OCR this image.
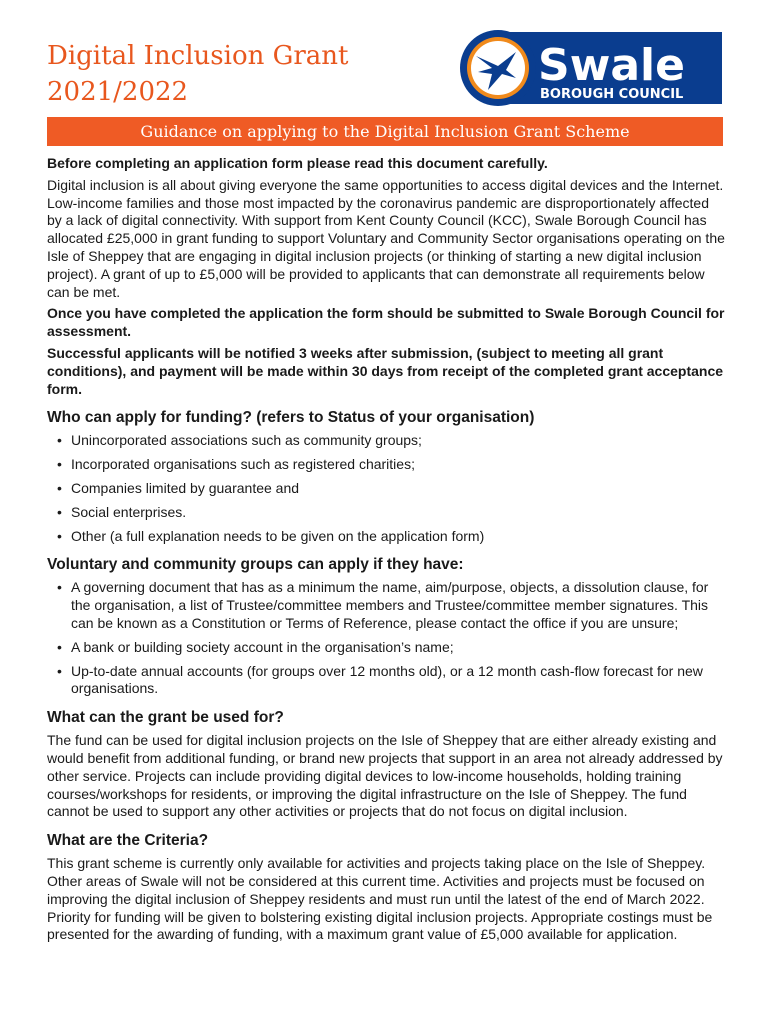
Digital Inclusion Grant
2021/2022
Swale
BOROUGH COUNCIL
Guidance on applying to the Digital Inclusion Grant Scheme

Before completing an application form please read this document carefully.

Digital inclusion is all about giving everyone the same opportunities to access digital devices and the Internet. Low-income families and those most impacted by the coronavirus pandemic are disproportionately affected by a lack of digital connectivity. With support from Kent County Council (KCC), Swale Borough Council has allocated £25,000 in grant funding to support Voluntary and Community Sector organisations operating on the Isle of Sheppey that are engaging in digital inclusion projects (or thinking of starting a new digital inclusion project). A grant of up to £5,000 will be provided to applicants that can demonstrate all requirements below can be met.

Once you have completed the application the form should be submitted to Swale Borough Council for assessment.

Successful applicants will be notified 3 weeks after submission, (subject to meeting all grant conditions), and payment will be made within 30 days from receipt of the completed grant acceptance form.

Who can apply for funding? (refers to Status of your organisation)
• Unincorporated associations such as community groups;
• Incorporated organisations such as registered charities;
• Companies limited by guarantee and
• Social enterprises.
• Other (a full explanation needs to be given on the application form)
Voluntary and community groups can apply if they have:
• A governing document that has as a minimum the name, aim/purpose, objects, a dissolution clause, for the organisation, a list of Trustee/committee members and Trustee/committee member signatures. This can be known as a Constitution or Terms of Reference, please contact the office if you are unsure;
• A bank or building society account in the organisation’s name;
• Up-to-date annual accounts (for groups over 12 months old), or a 12 month cash-flow forecast for new organisations.
What can the grant be used for?

The fund can be used for digital inclusion projects on the Isle of Sheppey that are either already existing and would benefit from additional funding, or brand new projects that support in an area not already addressed by other service. Projects can include providing digital devices to low-income households, holding training courses/workshops for residents, or improving the digital infrastructure on the Isle of Sheppey. The fund cannot be used to support any other activities or projects that do not focus on digital inclusion.

What are the Criteria?

This grant scheme is currently only available for activities and projects taking place on the Isle of Sheppey. Other areas of Swale will not be considered at this current time. Activities and projects must be focused on improving the digital inclusion of Sheppey residents and must run until the latest of the end of March 2022. Priority for funding will be given to bolstering existing digital inclusion projects. Appropriate costings must be presented for the awarding of funding, with a maximum grant value of £5,000 available for application.
